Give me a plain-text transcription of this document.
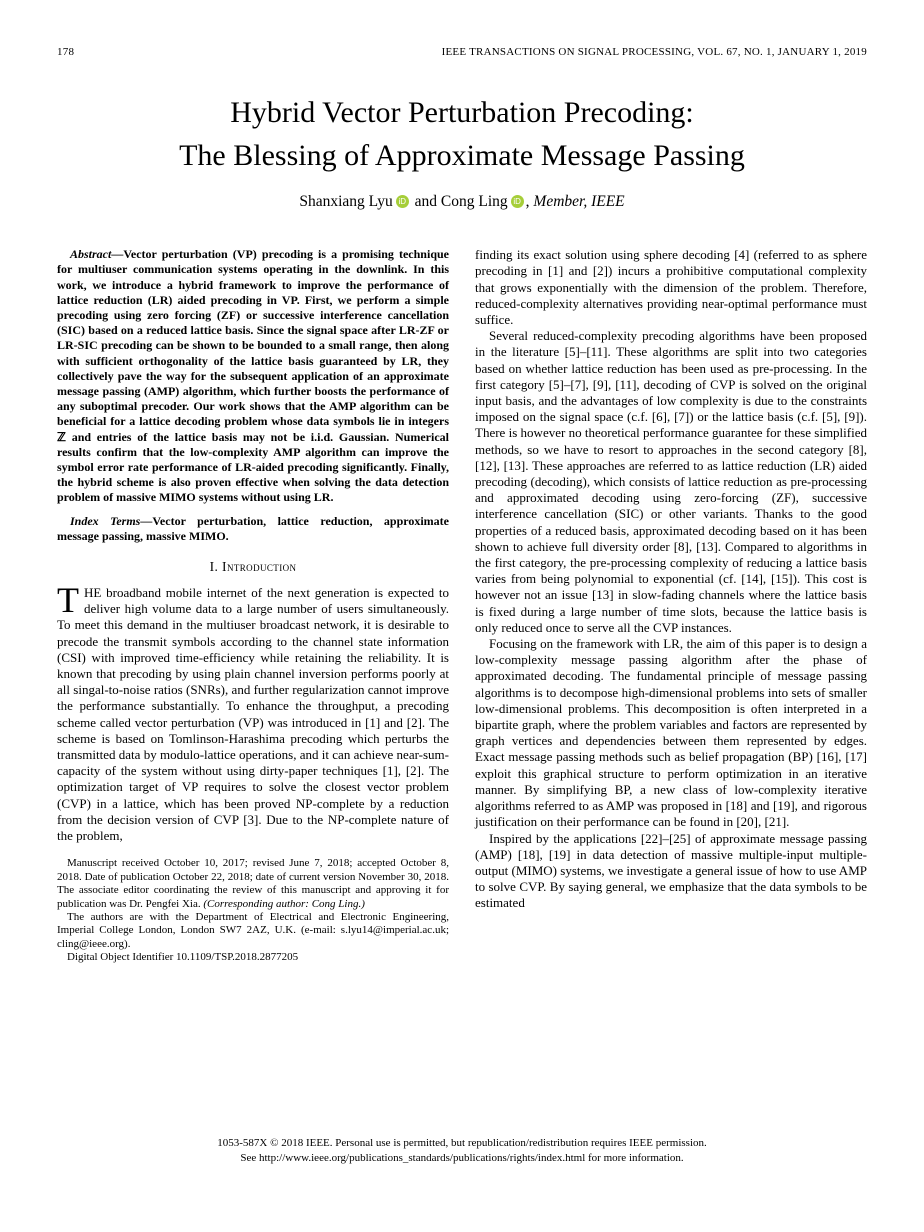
178	IEEE TRANSACTIONS ON SIGNAL PROCESSING, VOL. 67, NO. 1, JANUARY 1, 2019
Hybrid Vector Perturbation Precoding:
The Blessing of Approximate Message Passing
Shanxiang Lyu iD and Cong Ling iD , Member, IEEE

Abstract—Vector perturbation (VP) precoding is a promising technique for multiuser communication systems operating in the downlink. In this work, we introduce a hybrid framework to improve the performance of lattice reduction (LR) aided precoding in VP. First, we perform a simple precoding using zero forcing (ZF) or successive interference cancellation (SIC) based on a reduced lattice basis. Since the signal space after LR-ZF or LR-SIC precoding can be shown to be bounded to a small range, then along with sufficient orthogonality of the lattice basis guaranteed by LR, they collectively pave the way for the subsequent application of an approximate message passing (AMP) algorithm, which further boosts the performance of any suboptimal precoder. Our work shows that the AMP algorithm can be beneficial for a lattice decoding problem whose data symbols lie in integers ℤ and entries of the lattice basis may not be i.i.d. Gaussian. Numerical results confirm that the low-complexity AMP algorithm can improve the symbol error rate performance of LR-aided precoding significantly. Finally, the hybrid scheme is also proven effective when solving the data detection problem of massive MIMO systems without using LR.

Index Terms—Vector perturbation, lattice reduction, approximate message passing, massive MIMO.

I. Introduction

THE broadband mobile internet of the next generation is expected to deliver high volume data to a large number of users simultaneously. To meet this demand in the multiuser broadcast network, it is desirable to precode the transmit symbols according to the channel state information (CSI) with improved time-efficiency while retaining the reliability. It is known that precoding by using plain channel inversion performs poorly at all singal-to-noise ratios (SNRs), and further regularization cannot improve the performance substantially. To enhance the throughput, a precoding scheme called vector perturbation (VP) was introduced in [1] and [2]. The scheme is based on Tomlinson-Harashima precoding which perturbs the transmitted data by modulo-lattice operations, and it can achieve near-sum-capacity of the system without using dirty-paper techniques [1], [2]. The optimization target of VP requires to solve the closest vector problem (CVP) in a lattice, which has been proved NP-complete by a reduction from the decision version of CVP [3]. Due to the NP-complete nature of the problem,

Manuscript received October 10, 2017; revised June 7, 2018; accepted October 8, 2018. Date of publication October 22, 2018; date of current version November 30, 2018. The associate editor coordinating the review of this manuscript and approving it for publication was Dr. Pengfei Xia. (Corresponding author: Cong Ling.)

The authors are with the Department of Electrical and Electronic Engineering, Imperial College London, London SW7 2AZ, U.K. (e-mail: s.lyu14@imperial.ac.uk; cling@ieee.org).

Digital Object Identifier 10.1109/TSP.2018.2877205

finding its exact solution using sphere decoding [4] (referred to as sphere precoding in [1] and [2]) incurs a prohibitive computational complexity that grows exponentially with the dimension of the problem. Therefore, reduced-complexity alternatives providing near-optimal performance must suffice.

Several reduced-complexity precoding algorithms have been proposed in the literature [5]–[11]. These algorithms are split into two categories based on whether lattice reduction has been used as pre-processing. In the first category [5]–[7], [9], [11], decoding of CVP is solved on the original input basis, and the advantages of low complexity is due to the constraints imposed on the signal space (c.f. [6], [7]) or the lattice basis (c.f. [5], [9]). There is however no theoretical performance guarantee for these simplified methods, so we have to resort to approaches in the second category [8], [12], [13]. These approaches are referred to as lattice reduction (LR) aided precoding (decoding), which consists of lattice reduction as pre-processing and approximated decoding using zero-forcing (ZF), successive interference cancellation (SIC) or other variants. Thanks to the good properties of a reduced basis, approximated decoding based on it has been shown to achieve full diversity order [8], [13]. Compared to algorithms in the first category, the pre-processing complexity of reducing a lattice basis varies from being polynomial to exponential (cf. [14], [15]). This cost is however not an issue [13] in slow-fading channels where the lattice basis is fixed during a large number of time slots, because the lattice basis is only reduced once to serve all the CVP instances.

Focusing on the framework with LR, the aim of this paper is to design a low-complexity message passing algorithm after the phase of approximated decoding. The fundamental principle of message passing algorithms is to decompose high-dimensional problems into sets of smaller low-dimensional problems. This decomposition is often interpreted in a bipartite graph, where the problem variables and factors are represented by graph vertices and dependencies between them represented by edges. Exact message passing methods such as belief propagation (BP) [16], [17] exploit this graphical structure to perform optimization in an iterative manner. By simplifying BP, a new class of low-complexity iterative algorithms referred to as AMP was proposed in [18] and [19], and rigorous justification on their performance can be found in [20], [21].

Inspired by the applications [22]–[25] of approximate message passing (AMP) [18], [19] in data detection of massive multiple-input multiple-output (MIMO) systems, we investigate a general issue of how to use AMP to solve CVP. By saying general, we emphasize that the data symbols to be estimated

1053-587X © 2018 IEEE. Personal use is permitted, but republication/redistribution requires IEEE permission.
See http://www.ieee.org/publications_standards/publications/rights/index.html for more information.
